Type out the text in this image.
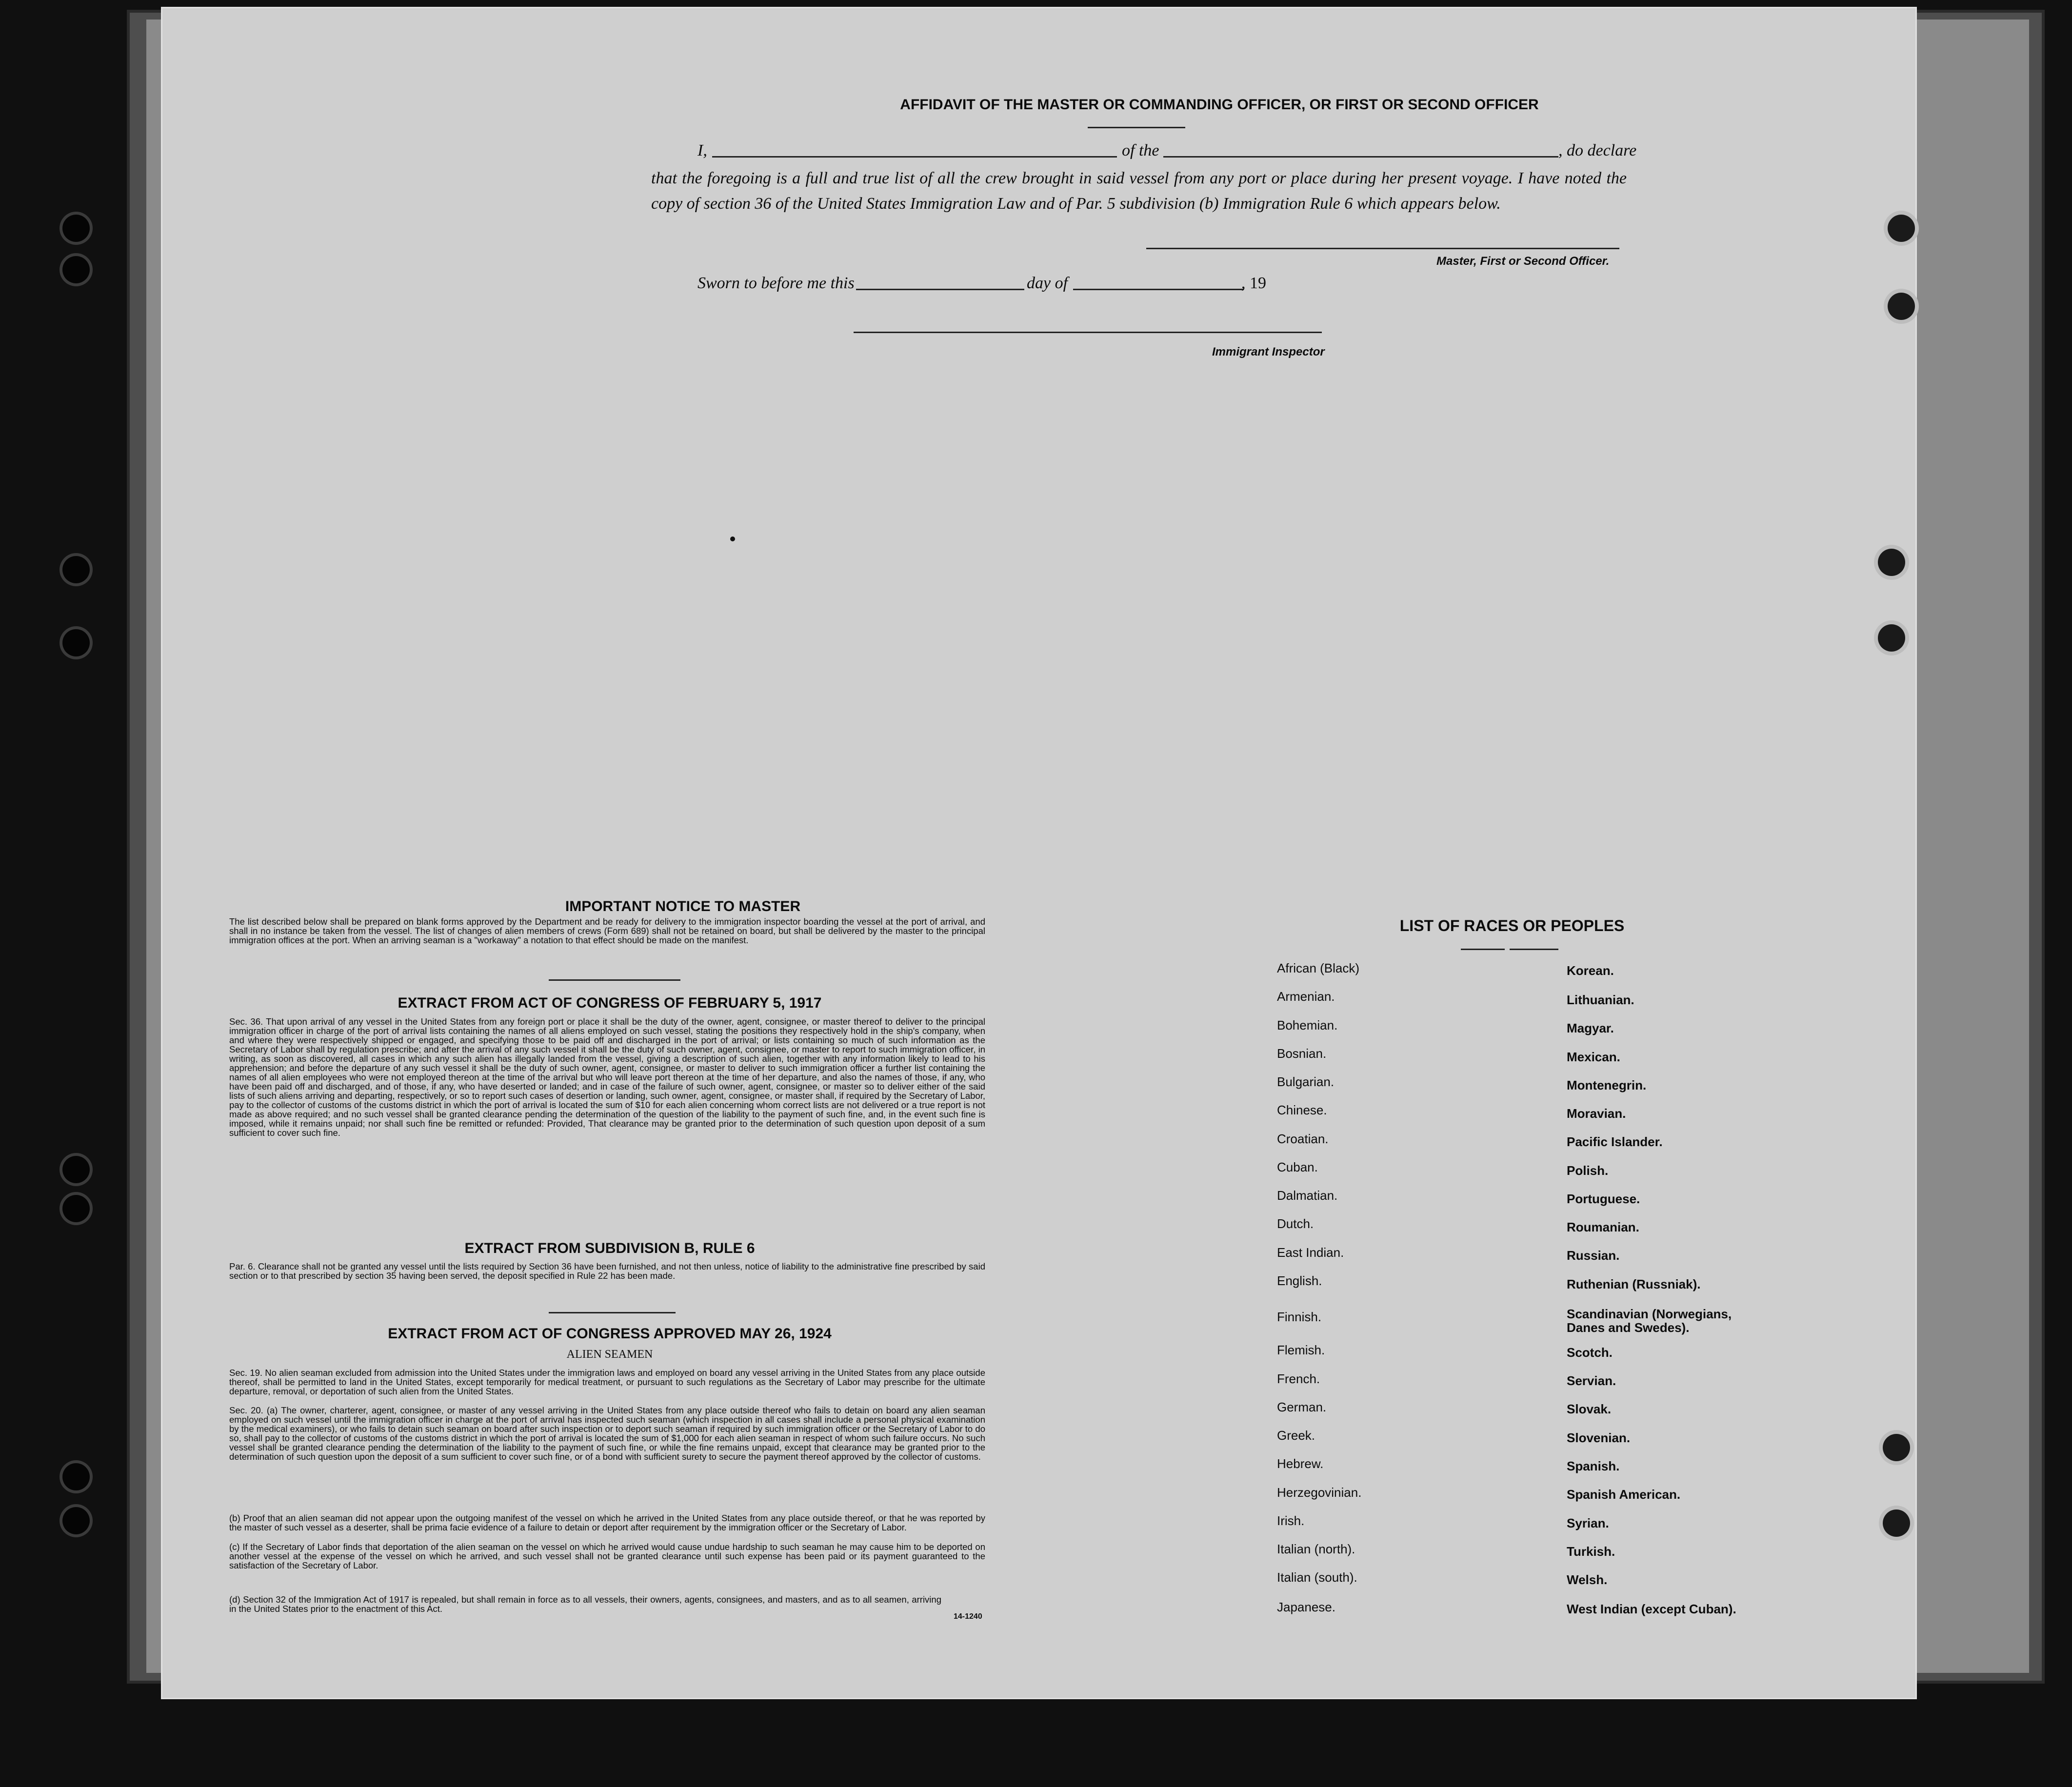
AFFIDAVIT OF THE MASTER OR COMMANDING OFFICER, OR FIRST OR SECOND OFFICER
I,	of the	, do declare
that the foregoing is a full and true list of all the crew brought in said vessel from any port or place during her present voyage. I have noted the copy of section 36 of the United States Immigration Law and of Par. 5 subdivision (b) Immigration Rule 6 which appears below.
Master, First or Second Officer.
Sworn to before me this	day of	, 19
Immigrant Inspector
IMPORTANT NOTICE TO MASTER
The list described below shall be prepared on blank forms approved by the Department and be ready for delivery to the immigration inspector boarding the vessel at the port of arrival, and shall in no instance be taken from the vessel. The list of changes of alien members of crews (Form 689) shall not be retained on board, but shall be delivered by the master to the principal immigration offices at the port. When an arriving seaman is a "workaway" a notation to that effect should be made on the manifest.
EXTRACT FROM ACT OF CONGRESS OF FEBRUARY 5, 1917
Sec. 36. That upon arrival of any vessel in the United States from any foreign port or place it shall be the duty of the owner, agent, consignee, or master thereof to deliver to the principal immigration officer in charge of the port of arrival lists containing the names of all aliens employed on such vessel, stating the positions they respectively hold in the ship's company, when and where they were respectively shipped or engaged, and specifying those to be paid off and discharged in the port of arrival; or lists containing so much of such information as the Secretary of Labor shall by regulation prescribe; and after the arrival of any such vessel it shall be the duty of such owner, agent, consignee, or master to report to such immigration officer, in writing, as soon as discovered, all cases in which any such alien has illegally landed from the vessel, giving a description of such alien, together with any information likely to lead to his apprehension; and before the departure of any such vessel it shall be the duty of such owner, agent, consignee, or master to deliver to such immigration officer a further list containing the names of all alien employees who were not employed thereon at the time of the arrival but who will leave port thereon at the time of her departure, and also the names of those, if any, who have been paid off and discharged, and of those, if any, who have deserted or landed; and in case of the failure of such owner, agent, consignee, or master so to deliver either of the said lists of such aliens arriving and departing, respectively, or so to report such cases of desertion or landing, such owner, agent, consignee, or master shall, if required by the Secretary of Labor, pay to the collector of customs of the customs district in which the port of arrival is located the sum of $10 for each alien concerning whom correct lists are not delivered or a true report is not made as above required; and no such vessel shall be granted clearance pending the determination of the question of the liability to the payment of such fine, and, in the event such fine is imposed, while it remains unpaid; nor shall such fine be remitted or refunded: Provided, That clearance may be granted prior to the determination of such question upon deposit of a sum sufficient to cover such fine.
EXTRACT FROM SUBDIVISION B, RULE 6
Par. 6. Clearance shall not be granted any vessel until the lists required by Section 36 have been furnished, and not then unless, notice of liability to the administrative fine prescribed by said section or to that prescribed by section 35 having been served, the deposit specified in Rule 22 has been made.
EXTRACT FROM ACT OF CONGRESS APPROVED MAY 26, 1924
ALIEN SEAMEN
Sec. 19. No alien seaman excluded from admission into the United States under the immigration laws and employed on board any vessel arriving in the United States from any place outside thereof, shall be permitted to land in the United States, except temporarily for medical treatment, or pursuant to such regulations as the Secretary of Labor may prescribe for the ultimate departure, removal, or deportation of such alien from the United States.
Sec. 20. (a) The owner, charterer, agent, consignee, or master of any vessel arriving in the United States from any place outside thereof who fails to detain on board any alien seaman employed on such vessel until the immigration officer in charge at the port of arrival has inspected such seaman (which inspection in all cases shall include a personal physical examination by the medical examiners), or who fails to detain such seaman on board after such inspection or to deport such seaman if required by such immigration officer or the Secretary of Labor to do so, shall pay to the collector of customs of the customs district in which the port of arrival is located the sum of $1,000 for each alien seaman in respect of whom such failure occurs. No such vessel shall be granted clearance pending the determination of the liability to the payment of such fine, or while the fine remains unpaid, except that clearance may be granted prior to the determination of such question upon the deposit of a sum sufficient to cover such fine, or of a bond with sufficient surety to secure the payment thereof approved by the collector of customs.
(b) Proof that an alien seaman did not appear upon the outgoing manifest of the vessel on which he arrived in the United States from any place outside thereof, or that he was reported by the master of such vessel as a deserter, shall be prima facie evidence of a failure to detain or deport after requirement by the immigration officer or the Secretary of Labor.
(c) If the Secretary of Labor finds that deportation of the alien seaman on the vessel on which he arrived would cause undue hardship to such seaman he may cause him to be deported on another vessel at the expense of the vessel on which he arrived, and such vessel shall not be granted clearance until such expense has been paid or its payment guaranteed to the satisfaction of the Secretary of Labor.
(d) Section 32 of the Immigration Act of 1917 is repealed, but shall remain in force as to all vessels, their owners, agents, consignees, and masters, and as to all seamen, arriving in the United States prior to the enactment of this Act.
14-1240
LIST OF RACES OR PEOPLES
African (Black)
Armenian.
Bohemian.
Bosnian.
Bulgarian.
Chinese.
Croatian.
Cuban.
Dalmatian.
Dutch.
East Indian.
English.
Finnish.
Flemish.
French.
German.
Greek.
Hebrew.
Herzegovinian.
Irish.
Italian (north).
Italian (south).
Japanese.
Korean.
Lithuanian.
Magyar.
Mexican.
Montenegrin.
Moravian.
Pacific Islander.
Polish.
Portuguese.
Roumanian.
Russian.
Ruthenian (Russniak).
Scandinavian (Norwegians, Danes and Swedes).
Scotch.
Servian.
Slovak.
Slovenian.
Spanish.
Spanish American.
Syrian.
Turkish.
Welsh.
West Indian (except Cuban).
